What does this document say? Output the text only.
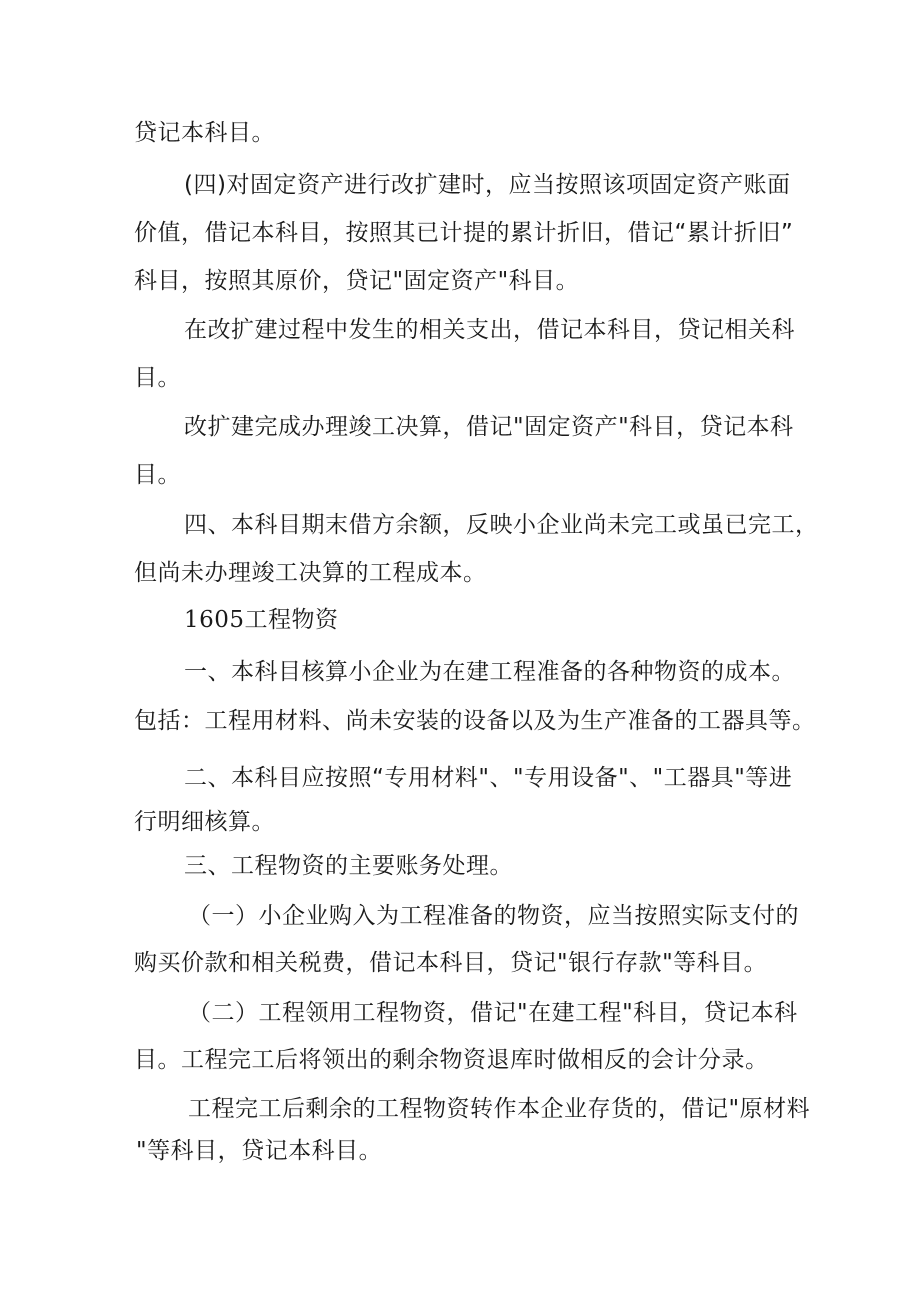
贷记本科目。
(四)对固定资产进行改扩建时，应当按照该项固定资产账面
价值，借记本科目，按照其已计提的累计折旧，借记“累计折旧”
科目，按照其原价，贷记"固定资产"科目。
在改扩建过程中发生的相关支出，借记本科目，贷记相关科
目。
改扩建完成办理竣工决算，借记"固定资产"科目，贷记本科
目。
四、本科目期末借方余额，反映小企业尚未完工或虽已完工，
但尚未办理竣工决算的工程成本。
1605工程物资
一、本科目核算小企业为在建工程准备的各种物资的成本。
包括：工程用材料、尚未安装的设备以及为生产准备的工器具等。
二、本科目应按照“专用材料"、"专用设备"、"工器具"等进
行明细核算。
三、工程物资的主要账务处理。
（一）小企业购入为工程准备的物资，应当按照实际支付的
购买价款和相关税费，借记本科目，贷记"银行存款"等科目。
（二）工程领用工程物资，借记"在建工程"科目，贷记本科
目。工程完工后将领出的剩余物资退库时做相反的会计分录。
工程完工后剩余的工程物资转作本企业存货的，借记"原材料
"等科目，贷记本科目。
